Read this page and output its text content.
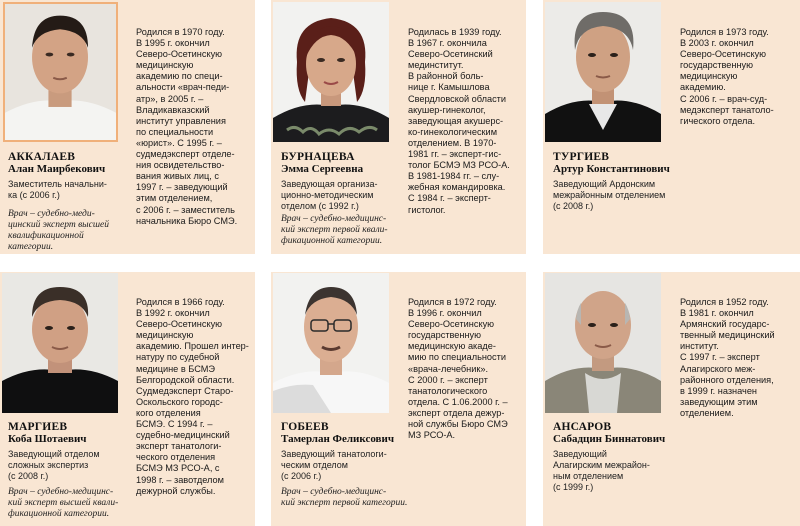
Родился в 1970 году.
В 1995 г. окончил
Северо-Осетинскую
медицинскую
академию по специ-
альности «врач-педи-
атр», в 2005 г. –
Владикавказский
институт управления
по специальности
«юрист». С 1995 г. –
судмедэксперт отделе-
ния освидетельство-
вания живых лиц, с
1997 г. – заведующий
этим отделением,
с 2006 г. – заместитель
начальника Бюро СМЭ.
АККАЛАЕВ
Алан Маирбекович
Заместитель начальни-
ка (с 2006 г.)
Врач – судебно-меди-
цинский эксперт высшей
квалификационной
категории.
Родилась в 1939 году.
В 1967 г. окончила
Северо-Осетинский
мединститут.
В районной боль-
нице г. Камышлова
Свердловской области
акушер-гинеколог,
заведующая акушерс-
ко-гинекологическим
отделением. В 1970-
1981 гг. – эксперт-гис-
толог БСМЭ МЗ РСО-А.
В 1981-1984 гг. – слу-
жебная командировка.
С 1984 г. – эксперт-
гистолог.
БУРНАЦЕВА
Эмма Сергеевна
Заведующая организа-
ционно-методическим
отделом (с 1992 г.)
Врач – судебно-медицинс-
кий эксперт первой квали-
фикационной категории.
Родился в 1973 году.
В 2003 г. окончил
Северо-Осетинскую
государственную
медицинскую
академию.
С 2006 г. – врач-суд-
медэксперт танатоло-
гического отдела.
ТУРГИЕВ
Артур Константинович
Заведующий Ардонским
межрайонным отделением
(с 2008 г.)
Родился в 1966 году.
В 1992 г. окончил
Северо-Осетинскую
медицинскую
академию. Прошел интер-
натуру по судебной
медицине в БСМЭ
Белгородской области.
Судмедэксперт Старо-
Оскольского городс-
кого отделения
БСМЭ. С 1994 г. –
судебно-медицинский
эксперт танатологи-
ческого отделения
БСМЭ МЗ РСО-А, с
1998 г. – завотделом
дежурной службы.
МАРГИЕВ
Коба Шотаевич
Заведующий отделом
сложных экспертиз
(с 2008 г.)
Врач – судебно-медицинс-
кий эксперт высшей квали-
фикационной категории.
Родился в 1972 году.
В 1996 г. окончил
Северо-Осетинскую
государственную
медицинскую акаде-
мию по специальности
«врача-лечебник».
С 2000 г. – эксперт
танатологического
отдела. С 1.06.2000 г. –
эксперт отдела дежур-
ной службы Бюро СМЭ
МЗ РСО-А.
ГОБЕЕВ
Тамерлан Феликсович
Заведующий танатологи-
ческим отделом
(с 2006 г.)
Врач – судебно-медицинс-
кий эксперт первой категории.
Родился в 1952 году.
В 1981 г. окончил
Армянский государс-
твенный медицинский
институт.
С 1997 г. – эксперт
Алагирского меж-
районного отделения,
в 1999 г. назначен
заведующим этим
отделением.
АНСАРОВ
Сабадцин Биннатович
Заведующий
Алагирским межрайон-
ным отделением
(с 1999 г.)
